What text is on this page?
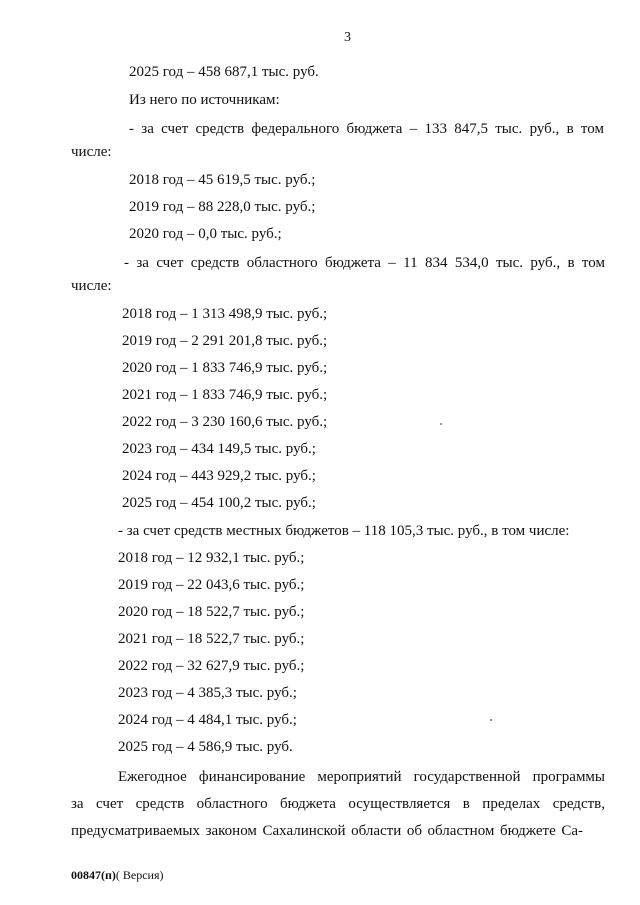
3
2025 год – 458 687,1 тыс. руб.
Из него по источникам:
- за счет средств федерального бюджета – 133 847,5 тыс. руб., в том
числе:
2018 год – 45 619,5 тыс. руб.;
2019 год – 88 228,0 тыс. руб.;
2020 год – 0,0 тыс. руб.;
- за счет средств областного бюджета – 11 834 534,0 тыс. руб., в том
числе:
2018 год – 1 313 498,9 тыс. руб.;
2019 год – 2 291 201,8 тыс. руб.;
2020 год – 1 833 746,9 тыс. руб.;
2021 год – 1 833 746,9 тыс. руб.;
2022 год – 3 230 160,6 тыс. руб.;
2023 год – 434 149,5 тыс. руб.;
2024 год – 443 929,2 тыс. руб.;
2025 год – 454 100,2 тыс. руб.;
- за счет средств местных бюджетов – 118 105,3 тыс. руб., в том числе:
2018 год – 12 932,1 тыс. руб.;
2019 год – 22 043,6 тыс. руб.;
2020 год – 18 522,7 тыс. руб.;
2021 год – 18 522,7 тыс. руб.;
2022 год – 32 627,9 тыс. руб.;
2023 год – 4 385,3 тыс. руб.;
2024 год – 4 484,1 тыс. руб.;
2025 год – 4 586,9 тыс. руб.
Ежегодное финансирование мероприятий государственной программы
за счет средств областного бюджета осуществляется в пределах средств,
предусматриваемых законом Сахалинской области об областном бюджете Са-
00847(п)( Версия)
